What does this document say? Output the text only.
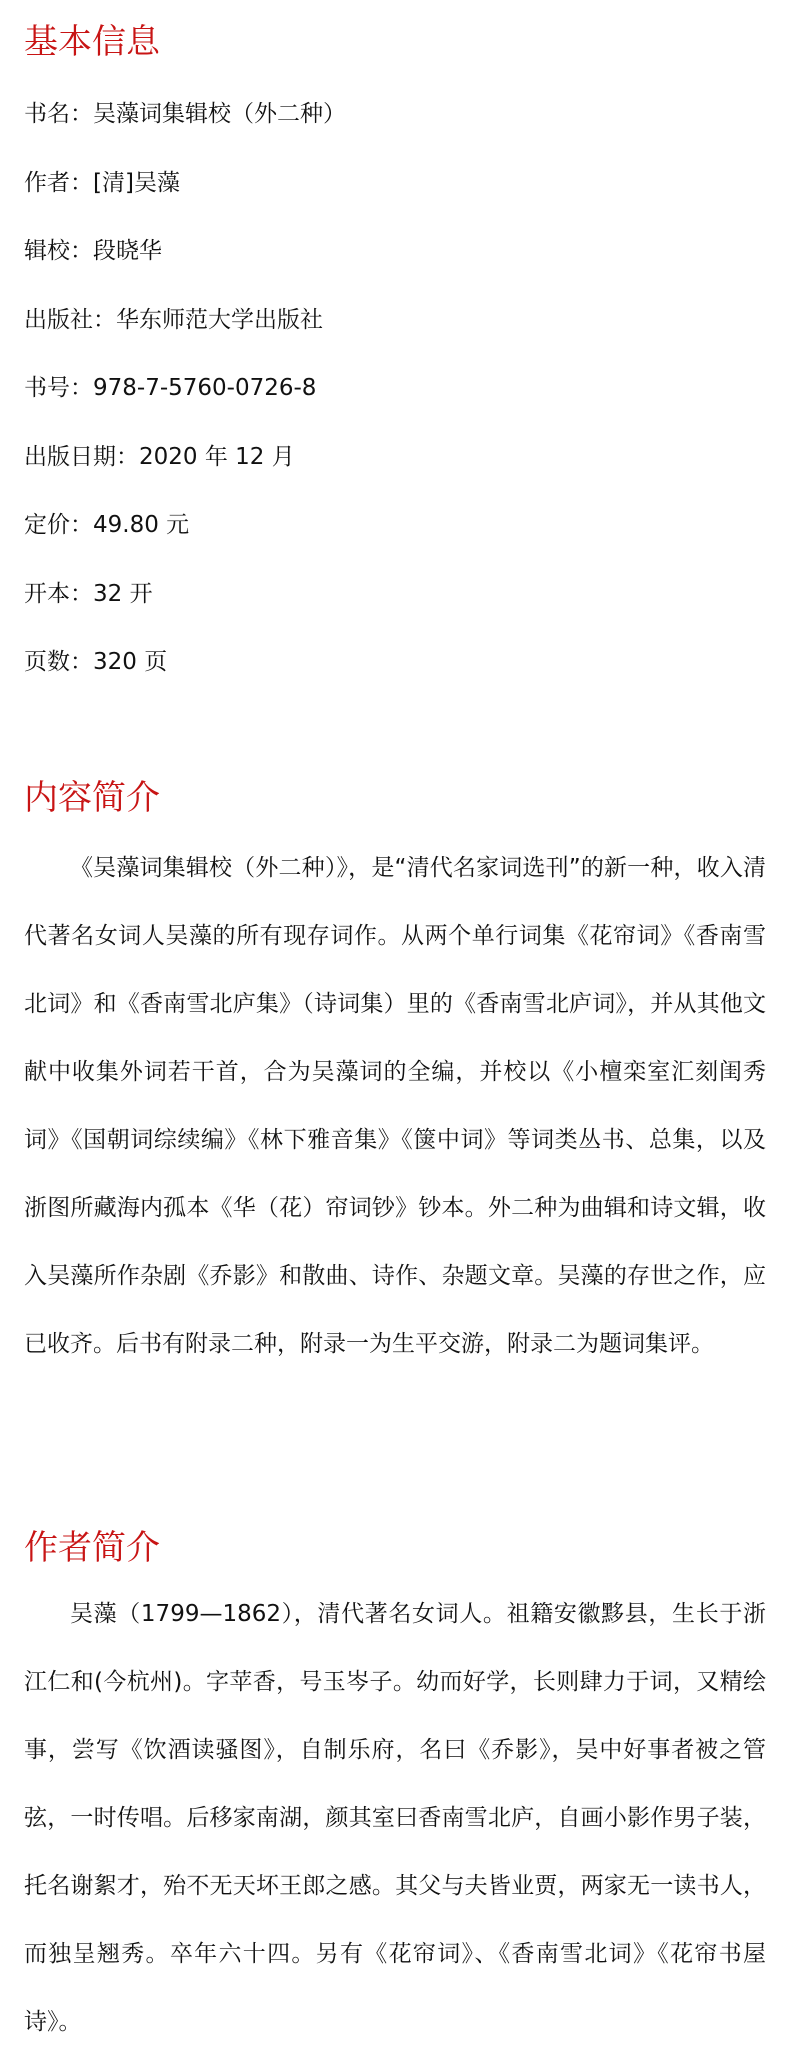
基本信息

书名：吴藻词集辑校（外二种）

作者：[清]吴藻

辑校：段晓华

出版社：华东师范大学出版社

书号：978-7-5760-0726-8

出版日期：2020 年 12 月

定价：49.80 元

开本：32 开

页数：320 页

内容简介

《吴藻词集辑校（外二种）》，是“清代名家词选刊”的新一种，收入清代著名女词人吴藻的所有现存词作。从两个单行词集《花帘词》《香南雪北词》和《香南雪北庐集》（诗词集）里的《香南雪北庐词》，并从其他文献中收集外词若干首，合为吴藻词的全编，并校以《小檀栾室汇刻闺秀词》《国朝词综续编》《林下雅音集》《箧中词》等词类丛书、总集，以及浙图所藏海内孤本《华（花）帘词钞》钞本。外二种为曲辑和诗文辑，收入吴藻所作杂剧《乔影》和散曲、诗作、杂题文章。吴藻的存世之作，应已收齐。后书有附录二种，附录一为生平交游，附录二为题词集评。

作者简介

吴藻（1799—1862），清代著名女词人。祖籍安徽黟县，生长于浙江仁和(今杭州)。字苹香，号玉岑子。幼而好学，长则肆力于词，又精绘事，尝写《饮酒读骚图》，自制乐府，名曰《乔影》，吴中好事者被之管弦，一时传唱。后移家南湖，颜其室曰香南雪北庐，自画小影作男子装，托名谢絮才，殆不无天坏王郎之感。其父与夫皆业贾，两家无一读书人，而独呈翘秀。卒年六十四。另有《花帘词》、《香南雪北词》《花帘书屋诗》。
